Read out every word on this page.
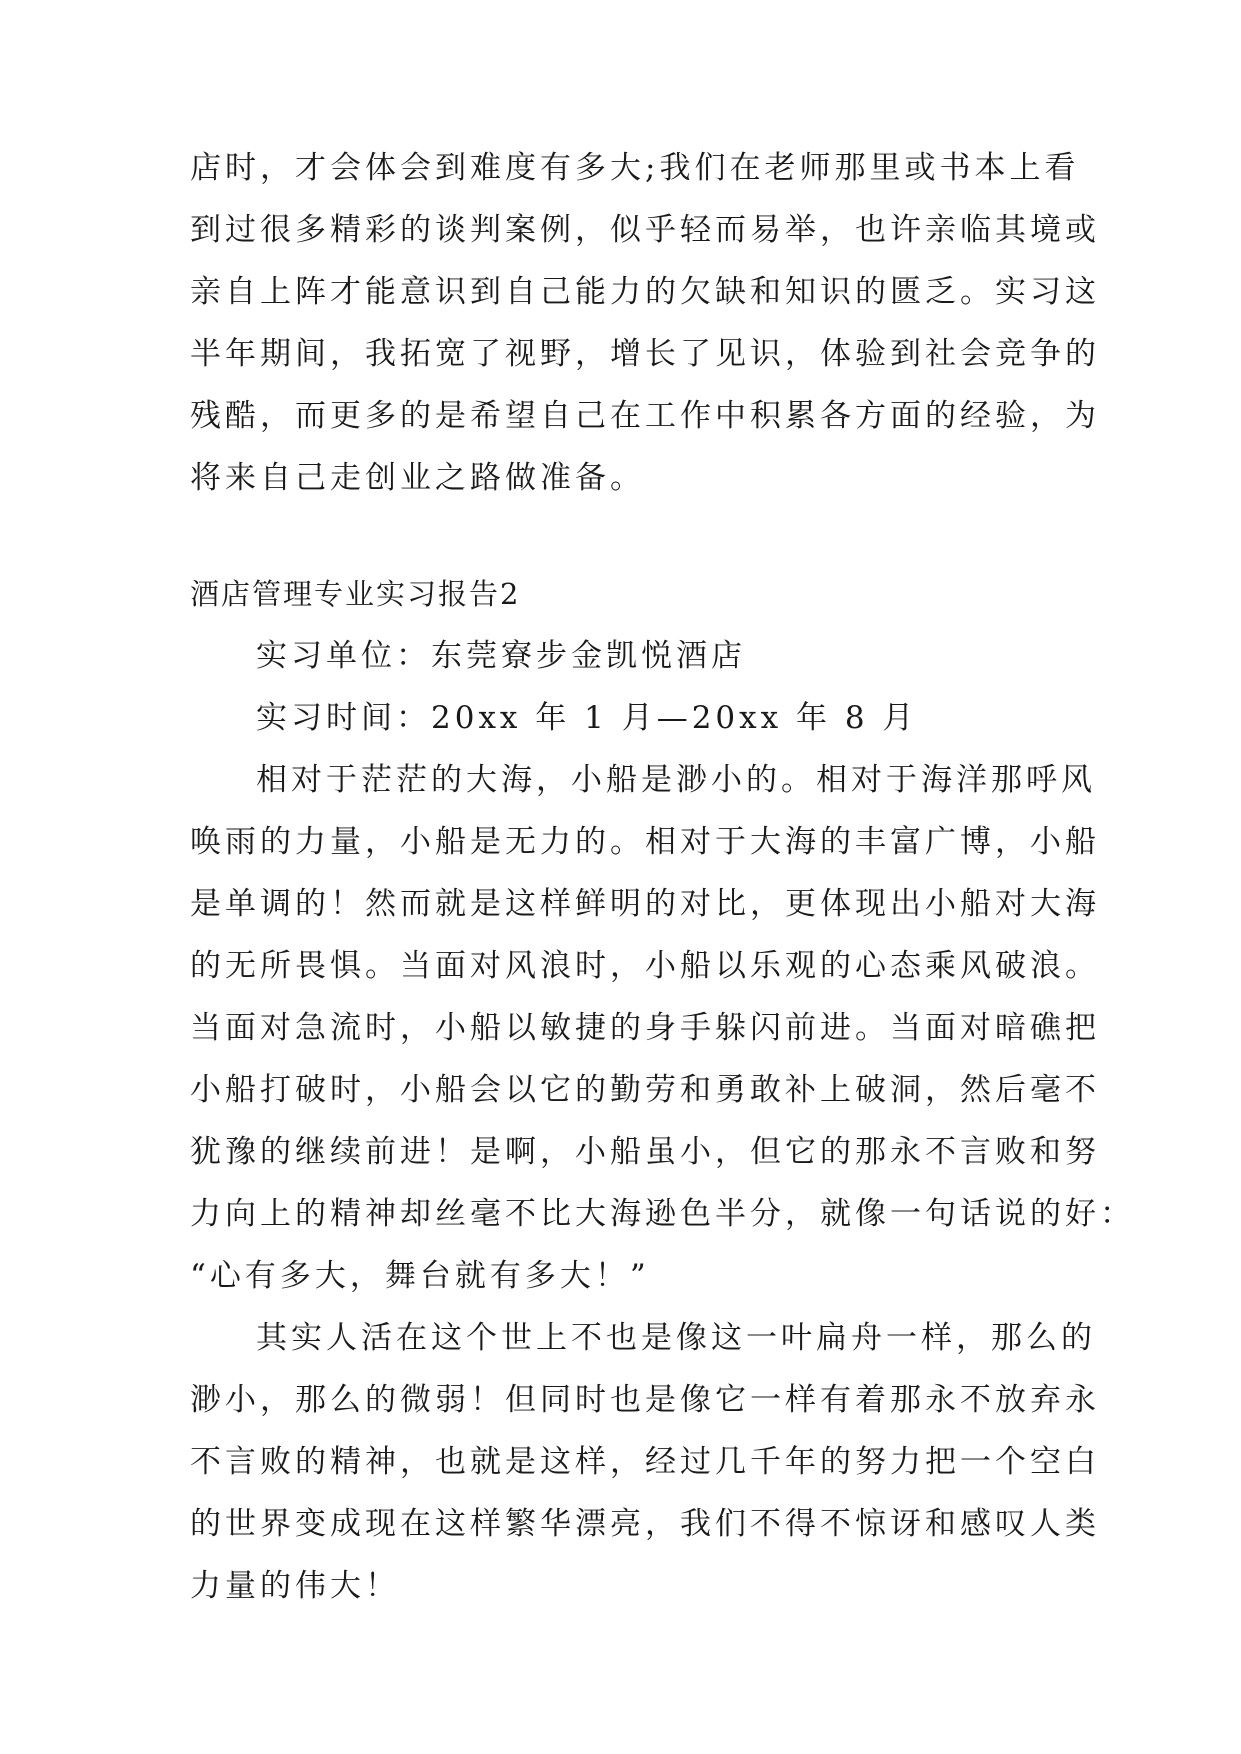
店时，才会体会到难度有多大;我们在老师那里或书本上看
到过很多精彩的谈判案例，似乎轻而易举，也许亲临其境或
亲自上阵才能意识到自己能力的欠缺和知识的匮乏。实习这
半年期间，我拓宽了视野，增长了见识，体验到社会竞争的
残酷，而更多的是希望自己在工作中积累各方面的经验，为
将来自己走创业之路做准备。
酒店管理专业实习报告2
实习单位：东莞寮步金凯悦酒店
实习时间：20xx 年 1 月—20xx 年 8 月
相对于茫茫的大海，小船是渺小的。相对于海洋那呼风
唤雨的力量，小船是无力的。相对于大海的丰富广博，小船
是单调的！然而就是这样鲜明的对比，更体现出小船对大海
的无所畏惧。当面对风浪时，小船以乐观的心态乘风破浪。
当面对急流时，小船以敏捷的身手躲闪前进。当面对暗礁把
小船打破时，小船会以它的勤劳和勇敢补上破洞，然后毫不
犹豫的继续前进！是啊，小船虽小，但它的那永不言败和努
力向上的精神却丝毫不比大海逊色半分，就像一句话说的好：
“心有多大，舞台就有多大！”
其实人活在这个世上不也是像这一叶扁舟一样，那么的
渺小，那么的微弱！但同时也是像它一样有着那永不放弃永
不言败的精神，也就是这样，经过几千年的努力把一个空白
的世界变成现在这样繁华漂亮，我们不得不惊讶和感叹人类
力量的伟大！
